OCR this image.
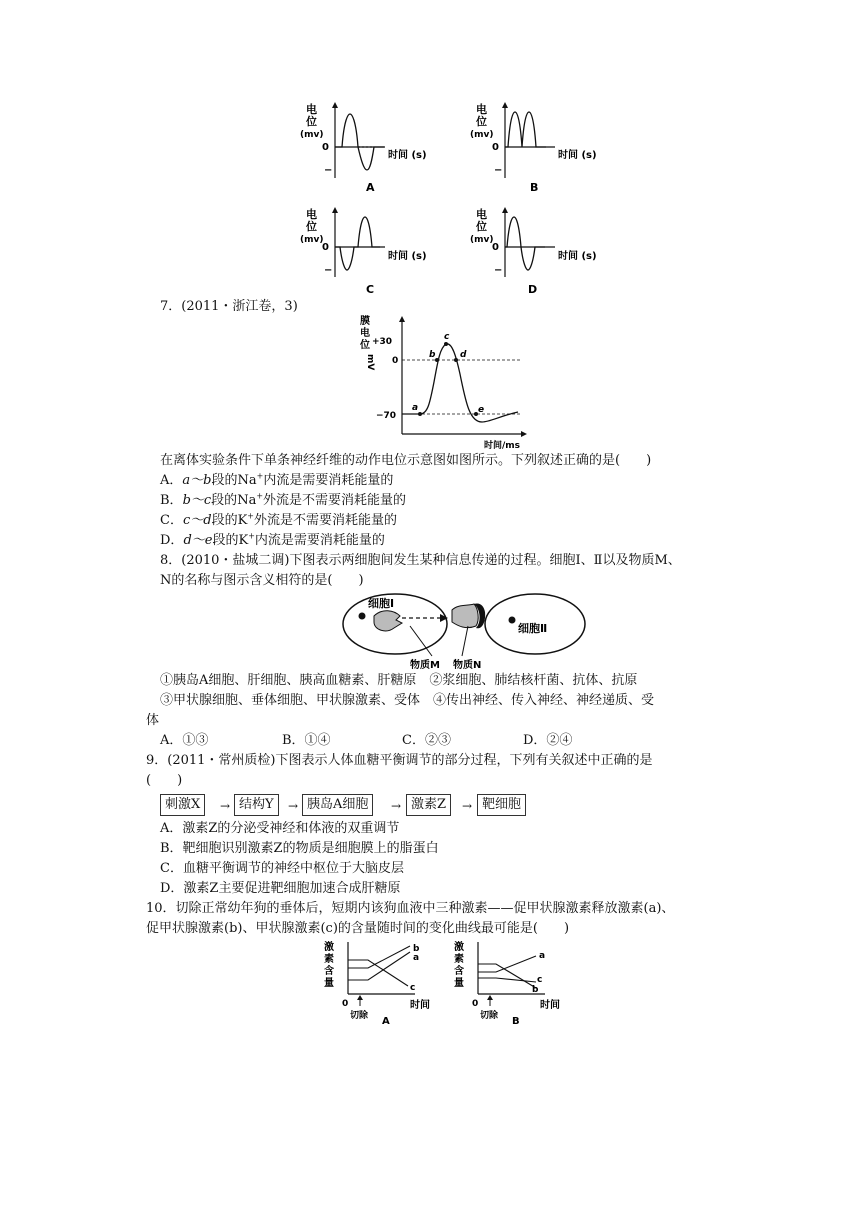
电
位
(mv)
0
−
时间 (s)
A
电
位
(mv)
0
−
时间 (s)
B
电
位
(mv)
0
−
时间 (s)
C
电
位
(mv)
0
−
时间 (s)
D
7．(2011・浙江卷，3)
膜
电
位
mV
+30
0
−70
a
b
c
d
e
时间/ms
在离体实验条件下单条神经纤维的动作电位示意图如图所示。下列叙述正确的是(　　)
A．a～b段的Na+内流是需要消耗能量的
B．b～c段的Na+外流是不需要消耗能量的
C．c～d段的K+外流是不需要消耗能量的
D．d～e段的K+内流是需要消耗能量的
8．(2010・盐城二调)下图表示两细胞间发生某种信息传递的过程。细胞Ⅰ、Ⅱ以及物质M、
N的名称与图示含义相符的是(　　)
细胞Ⅰ
细胞Ⅱ
物质M 物质N
①胰岛A细胞、肝细胞、胰高血糖素、肝糖原　②浆细胞、肺结核杆菌、抗体、抗原
③甲状腺细胞、垂体细胞、甲状腺激素、受体　④传出神经、传入神经、神经递质、受
体
A．①③	B．①④	C．②③	D．②④
9．(2011・常州质检)下图表示人体血糖平衡调节的部分过程，下列有关叙述中正确的是
(　　)
刺激X	→ 结构Y	→ 胰岛A细胞	→ 激素Z	→ 靶细胞
A．激素Z的分泌受神经和体液的双重调节
B．靶细胞识别激素Z的物质是细胞膜上的脂蛋白
C．血糖平衡调节的神经中枢位于大脑皮层
D．激素Z主要促进靶细胞加速合成肝糖原
10．切除正常幼年狗的垂体后，短期内该狗血液中三种激素——促甲状腺激素释放激素(a)、
促甲状腺激素(b)、甲状腺激素(c)的含量随时间的变化曲线最可能是(　　)
激
素
含
量
b
a
c
0
切除
时间
A
激
素
含
量
a
c
b
0
切除
时间
B
